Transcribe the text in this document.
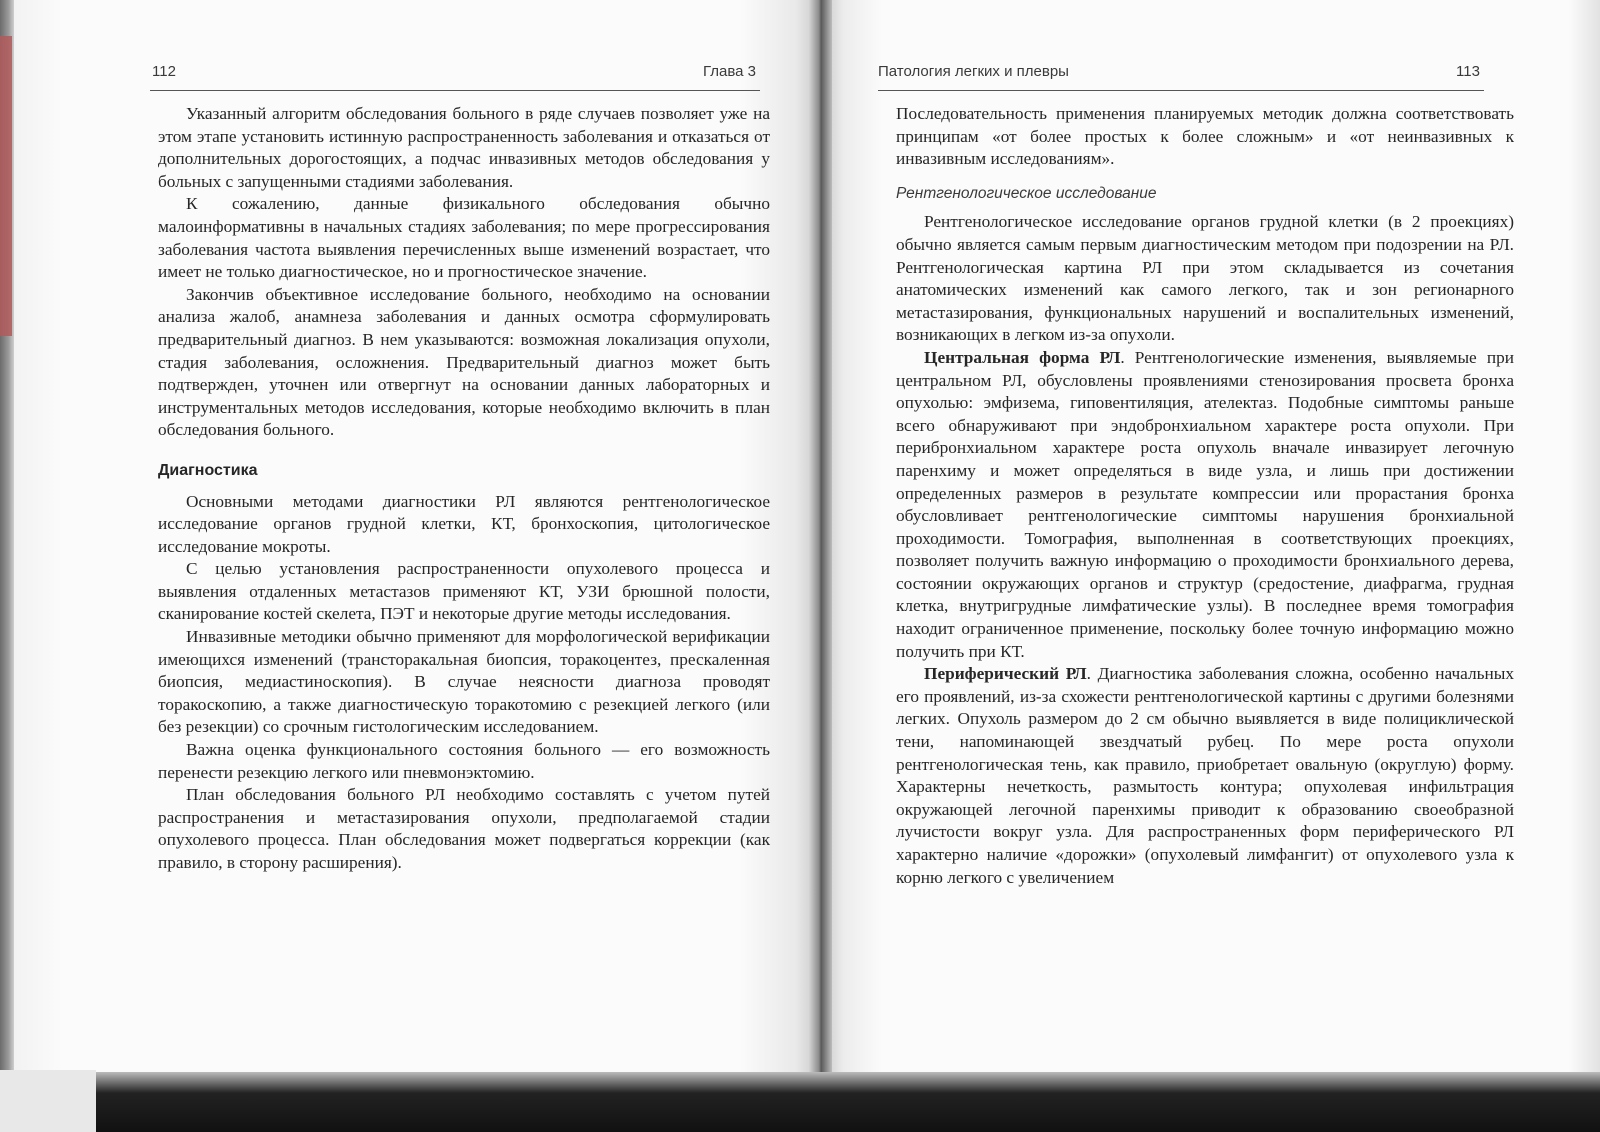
112	Глава 3	Патология легких и плевры	113

Указанный алгоритм обследования больного в ряде случаев позволяет уже на этом этапе установить истинную распространенность заболевания и отказаться от дополнительных дорогостоящих, а подчас инвазивных методов обследования у больных с запущенными стадиями заболевания.

К сожалению, данные физикального обследования обычно малоинформативны в начальных стадиях заболевания; по мере прогрессирования заболевания частота выявления перечисленных выше изменений возрастает, что имеет не только диагностическое, но и прогностическое значение.

Закончив объективное исследование больного, необходимо на основании анализа жалоб, анамнеза заболевания и данных осмотра сформулировать предварительный диагноз. В нем указываются: возможная локализация опухоли, стадия заболевания, осложнения. Предварительный диагноз может быть подтвержден, уточнен или отвергнут на основании данных лабораторных и инструментальных методов исследования, которые необходимо включить в план обследования больного.

Диагностика

Основными методами диагностики РЛ являются рентгенологическое исследование органов грудной клетки, КТ, бронхоскопия, цитологическое исследование мокроты.

С целью установления распространенности опухолевого процесса и выявления отдаленных метастазов применяют КТ, УЗИ брюшной полости, сканирование костей скелета, ПЭТ и некоторые другие методы исследования.

Инвазивные методики обычно применяют для морфологической верификации имеющихся изменений (трансторакальная биопсия, торакоцентез, прескаленная биопсия, медиастиноскопия). В случае неясности диагноза проводят торакоскопию, а также диагностическую торакотомию с резекцией легкого (или без резекции) со срочным гистологическим исследованием.

Важна оценка функционального состояния больного — его возможность перенести резекцию легкого или пневмонэктомию.

План обследования больного РЛ необходимо составлять с учетом путей распространения и метастазирования опухоли, предполагаемой стадии опухолевого процесса. План обследования может подвергаться коррекции (как правило, в сторону расширения).

Последовательность применения планируемых методик должна соответствовать принципам «от более простых к более сложным» и «от неинвазивных к инвазивным исследованиям».

Рентгенологическое исследование

Рентгенологическое исследование органов грудной клетки (в 2 проекциях) обычно является самым первым диагностическим методом при подозрении на РЛ. Рентгенологическая картина РЛ при этом складывается из сочетания анатомических изменений как самого легкого, так и зон регионарного метастазирования, функциональных нарушений и воспалительных изменений, возникающих в легком из-за опухоли.

Центральная форма РЛ. Рентгенологические изменения, выявляемые при центральном РЛ, обусловлены проявлениями стенозирования просвета бронха опухолью: эмфизема, гиповентиляция, ателектаз. Подобные симптомы раньше всего обнаруживают при эндобронхиальном характере роста опухоли. При перибронхиальном характере роста опухоль вначале инвазирует легочную паренхиму и может определяться в виде узла, и лишь при достижении определенных размеров в результате компрессии или прорастания бронха обусловливает рентгенологические симптомы нарушения бронхиальной проходимости. Томография, выполненная в соответствующих проекциях, позволяет получить важную информацию о проходимости бронхиального дерева, состоянии окружающих органов и структур (средостение, диафрагма, грудная клетка, внутригрудные лимфатические узлы). В последнее время томография находит ограниченное применение, поскольку более точную информацию можно получить при КТ.

Периферический РЛ. Диагностика заболевания сложна, особенно начальных его проявлений, из-за схожести рентгенологической картины с другими болезнями легких. Опухоль размером до 2 см обычно выявляется в виде полициклической тени, напоминающей звездчатый рубец. По мере роста опухоли рентгенологическая тень, как правило, приобретает овальную (округлую) форму. Характерны нечеткость, размытость контура; опухолевая инфильтрация окружающей легочной паренхимы приводит к образованию своеобразной лучистости вокруг узла. Для распространенных форм периферического РЛ характерно наличие «дорожки» (опухолевый лимфангит) от опухолевого узла к корню легкого с увеличением
